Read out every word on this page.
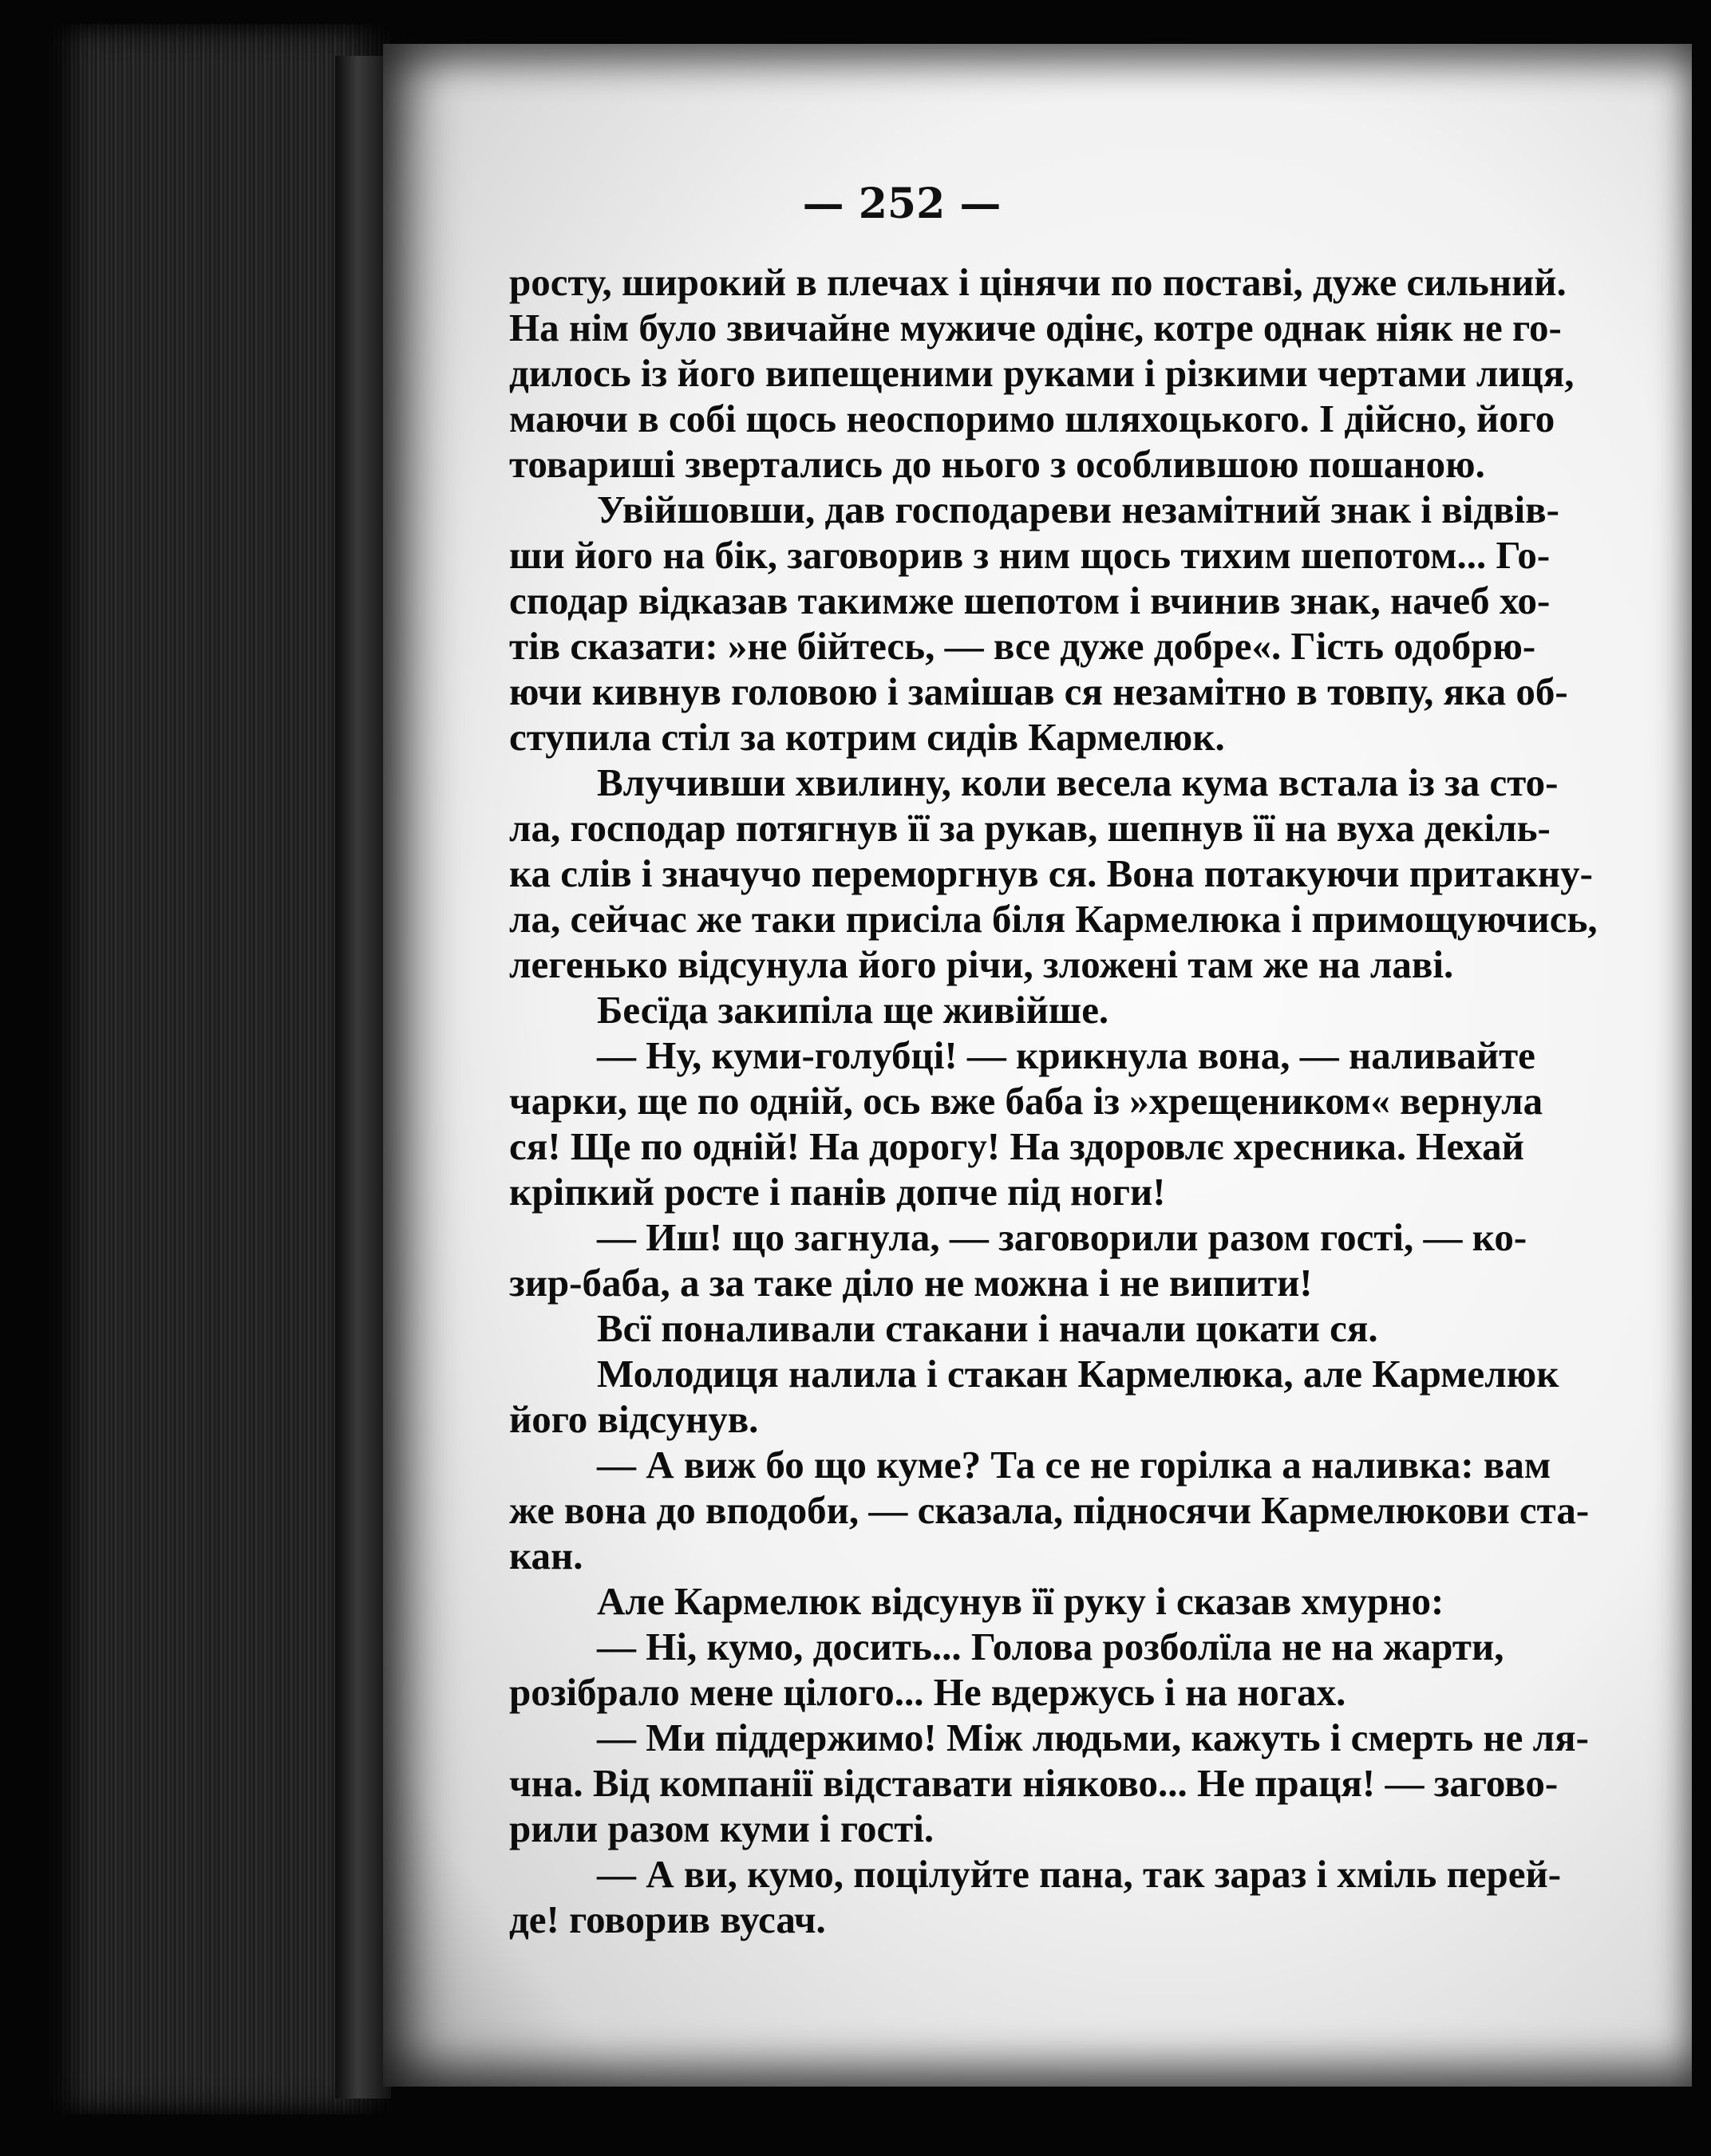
— 252 —
росту, широкий в плечах і цінячи по поставі, дуже сильний.
На нім було звичайне мужиче одінє, котре однак ніяк не го-
дилось із його випещеними руками і різкими чертами лиця,
маючи в собі щось неоспоримо шляхоцького. І дійсно, його
товариші звертались до нього з особлившою пошаною.
Увійшовши, дав господареви незамітний знак і відвів-
ши його на бік, заговорив з ним щось тихим шепотом... Го-
сподар відказав такимже шепотом і вчинив знак, начеб хо-
тів сказати: »не бійтесь, — все дуже добре«. Гість одобрю-
ючи кивнув головою і замішав ся незамітно в товпу, яка об-
ступила стіл за котрим сидів Кармелюк.
Влучивши хвилину, коли весела кума встала із за сто-
ла, господар потягнув її за рукав, шепнув її на вуха декіль-
ка слів і значучо переморгнув ся. Вона потакуючи притакну-
ла, сейчас же таки присіла біля Кармелюка і примощуючись,
легенько відсунула його річи, зложені там же на лаві.
Бесїда закипіла ще живійше.
— Ну, куми-голубці! — крикнула вона, — наливайте
чарки, ще по одній, ось вже баба із »хрещеником« вернула
ся! Ще по одній! На дорогу! На здоровлє хресника. Нехай
кріпкий росте і панів допче під ноги!
— Иш! що загнула, — заговорили разом гості, — ко-
зир-баба, а за таке діло не можна і не випити!
Всї поналивали стакани і начали цокати ся.
Молодиця налила і стакан Кармелюка, але Кармелюк
його відсунув.
— А виж бо що куме? Та се не горілка а наливка: вам
же вона до вподоби, — сказала, підносячи Кармелюкови ста-
кан.
Але Кармелюк відсунув її руку і сказав хмурно:
— Ні, кумо, досить... Голова розболїла не на жарти,
розібрало мене цілого... Не вдержусь і на ногах.
— Ми піддержимо! Між людьми, кажуть і смерть не ля-
чна. Від компанії відставати ніяково... Не праця! — загово-
рили разом куми і гості.
— А ви, кумо, поцілуйте пана, так зараз і хміль перей-
де! говорив вусач.
